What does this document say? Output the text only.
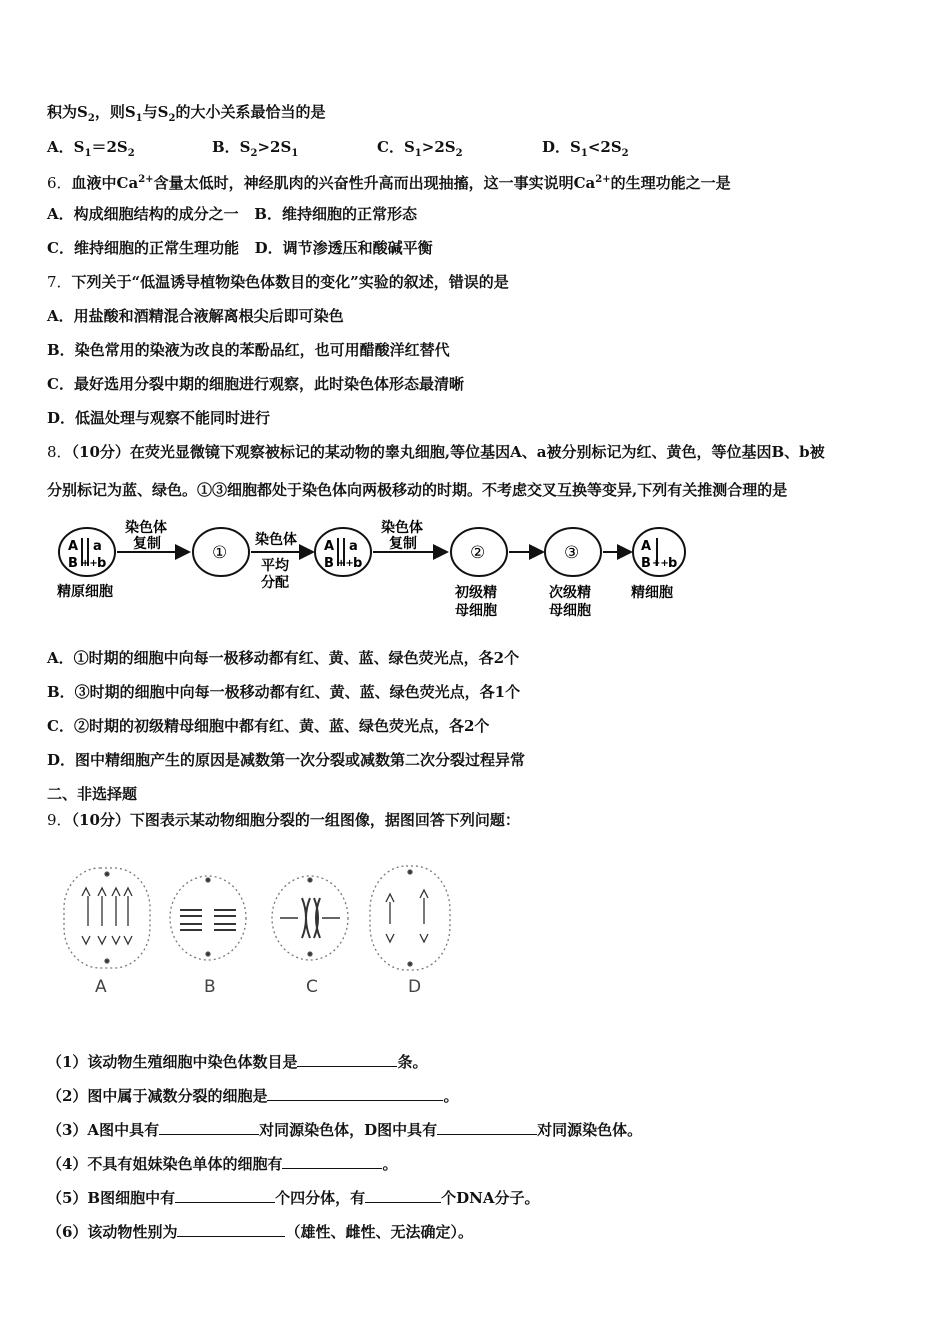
积为$S_2$，则$S_1$与$S_2$的大小关系最恰当的是
A．$S_1=2S_2$	B．$S_2>2S_1$	C．$S_1>2S_2$	D．$S_1<2S_2$
6．血液中$Ca^{2+}$含量太低时，神经肌肉的兴奋性升高而出现抽搐，这一事实说明$Ca^{2+}$的生理功能之一是
A．构成细胞结构的成分之一   B．维持细胞的正常形态
C．维持细胞的正常生理功能   D．调节渗透压和酸碱平衡
7．下列关于“低温诱导植物染色体数目的变化”实验的叙述，错误的是
A．用盐酸和酒精混合液解离根尖后即可染色
B．染色常用的染液为改良的苯酚品红，也可用醋酸洋红替代
C．最好选用分裂中期的细胞进行观察，此时染色体形态最清晰
D．低温处理与观察不能同时进行
8．（10分）在荧光显微镜下观察被标记的某动物的睾丸细胞,等位基因A、a被分别标记为红、黄色，等位基因B、b被
分别标记为蓝、绿色。①③细胞都处于染色体向两极移动的时期。不考虑交叉互换等变异,下列有关推测合理的是
A a
B ++ b
精原细胞
染色体
复制	①
染色体
平均
分配
A a
B ++ b
染色体
复制	②
初级精
母细胞
③
次级精
母细胞
A
B ++ b
精细胞
A．①时期的细胞中向每一极移动都有红、黄、蓝、绿色荧光点，各2个
B．③时期的细胞中向每一极移动都有红、黄、蓝、绿色荧光点，各1个
C．②时期的初级精母细胞中都有红、黄、蓝、绿色荧光点，各2个
D．图中精细胞产生的原因是减数第一次分裂或减数第二次分裂过程异常
二、非选择题
9．（10分）下图表示某动物细胞分裂的一组图像，据图回答下列问题：
A	B	C	D
（1）该动物生殖细胞中染色体数目是	条。
（2）图中属于减数分裂的细胞是	。
（3）A图中具有	对同源染色体，D图中具有	对同源染色体。
（4）不具有姐妹染色单体的细胞有	。
（5）B图细胞中有	个四分体，有	个DNA分子。
（6）该动物性别为	（雄性、雌性、无法确定）。
